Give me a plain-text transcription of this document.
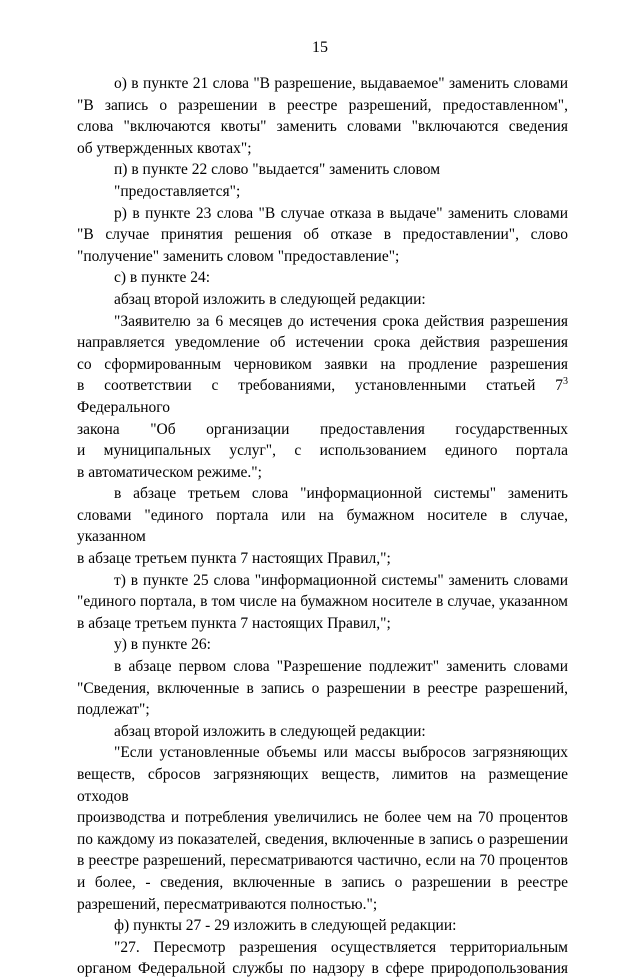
15

о) в пункте 21 слова "В разрешение, выдаваемое" заменить словами
"В запись о разрешении в реестре разрешений, предоставленном",
слова "включаются квоты" заменить словами "включаются сведения
об утвержденных квотах";

п) в пункте 22 слово "выдается" заменить словом "предоставляется";

р) в пункте 23 слова "В случае отказа в выдаче" заменить словами
"В случае принятия решения об отказе в предоставлении", слово
"получение" заменить словом "предоставление";

с) в пункте 24:

абзац второй изложить в следующей редакции:

"Заявителю за 6 месяцев до истечения срока действия разрешения
направляется уведомление об истечении срока действия разрешения
со сформированным черновиком заявки на продление разрешения
в соответствии с требованиями, установленными статьей $7^3$ Федерального
закона "Об организации предоставления государственных
и муниципальных услуг", с использованием единого портала
в автоматическом режиме.";

в абзаце третьем слова "информационной системы" заменить
словами "единого портала или на бумажном носителе в случае, указанном
в абзаце третьем пункта 7 настоящих Правил,";

т) в пункте 25 слова "информационной системы" заменить словами
"единого портала, в том числе на бумажном носителе в случае, указанном
в абзаце третьем пункта 7 настоящих Правил,";

у) в пункте 26:

в абзаце первом слова "Разрешение подлежит" заменить словами
"Сведения, включенные в запись о разрешении в реестре разрешений,
подлежат";

абзац второй изложить в следующей редакции:

"Если установленные объемы или массы выбросов загрязняющих
веществ, сбросов загрязняющих веществ, лимитов на размещение отходов
производства и потребления увеличились не более чем на 70 процентов
по каждому из показателей, сведения, включенные в запись о разрешении
в реестре разрешений, пересматриваются частично, если на 70 процентов
и более, - сведения, включенные в запись о разрешении в реестре
разрешений, пересматриваются полностью.";

ф) пункты 27 - 29 изложить в следующей редакции:

"27. Пересмотр разрешения осуществляется территориальным
органом Федеральной службы по надзору в сфере природопользования
